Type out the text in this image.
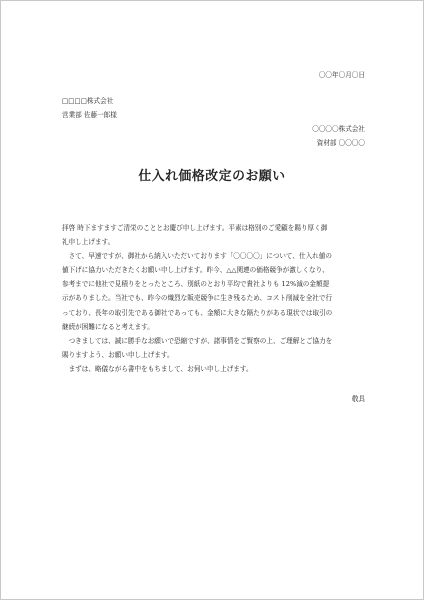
〇〇年〇月〇日
□□□□株式会社
営業部 佐藤一郎様
〇〇〇〇株式会社
資材部 〇〇〇〇
仕入れ価格改定のお願い
拝啓 時下ますますご清栄のこととお慶び申し上げます。平素は格別のご愛顧を賜り厚く御
礼申し上げます。
　さて、早速ですが、御社から納入いただいております「〇〇〇〇」について、仕入れ値の
値下げに協力いただきたくお願い申し上げます。昨今、△△関連の価格競争が激しくなり、
参考までに他社で見積りをとったところ、別紙のとおり平均で貴社よりも 12%減の金額提
示がありました。当社でも、昨今の熾烈な販売競争に生き残るため、コスト削減を全社で行
っており、長年の取引先である御社であっても、金額に大きな隔たりがある現状では取引の
継続が困難になると考えます。
　つきましては、誠に勝手なお願いで恐縮ですが、諸事情をご賢察の上、ご理解とご協力を
賜りますよう、お願い申し上げます。
　まずは、略儀ながら書中をもちまして、お伺い申し上げます。
敬具
